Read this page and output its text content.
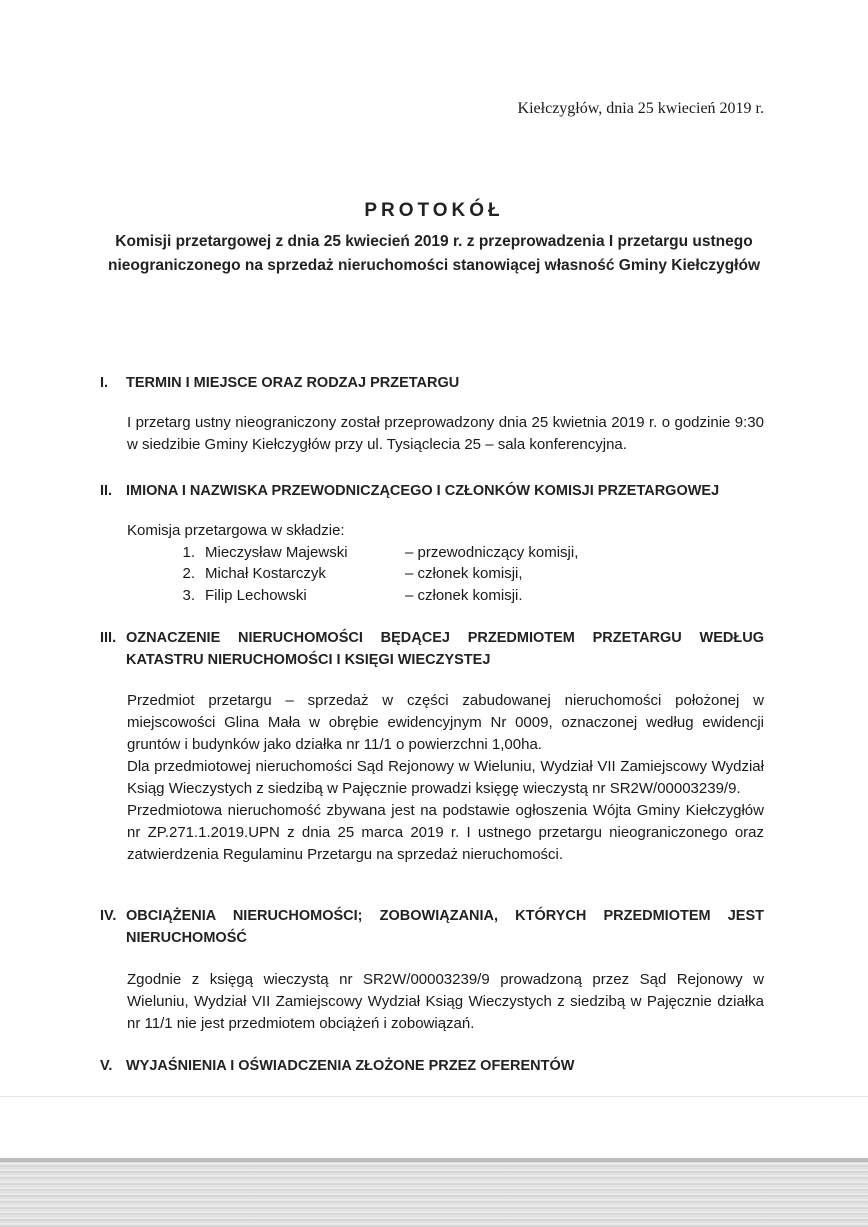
Kiełczygłów, dnia 25 kwiecień 2019 r.
PROTOKÓŁ
Komisji przetargowej z dnia 25 kwiecień 2019 r. z przeprowadzenia I przetargu ustnego nieograniczonego na sprzedaż nieruchomości stanowiącej własność Gminy Kiełczygłów
I.	TERMIN I MIEJSCE ORAZ RODZAJ PRZETARGU

I przetarg ustny nieograniczony został przeprowadzony dnia 25 kwietnia 2019 r. o godzinie 9:30 w siedzibie Gminy Kiełczygłów przy ul. Tysiąclecia 25 – sala konferencyjna.

II. IMIONA I NAZWISKA PRZEWODNICZĄCEGO I CZŁONKÓW KOMISJI PRZETARGOWEJ
Komisja przetargowa w składzie:
1. Mieczysław Majewski	– przewodniczący komisji,
2. Michał Kostarczyk	– członek komisji,
3. Filip Lechowski	– członek komisji.
III. OZNACZENIE NIERUCHOMOŚCI BĘDĄCEJ PRZEDMIOTEM PRZETARGU WEDŁUG KATASTRU NIERUCHOMOŚCI I KSIĘGI WIECZYSTEJ

Przedmiot przetargu – sprzedaż w części zabudowanej nieruchomości położonej w miejscowości Glina Mała w obrębie ewidencyjnym Nr 0009, oznaczonej według ewidencji gruntów i budynków jako działka nr 11/1 o powierzchni 1,00ha.

Dla przedmiotowej nieruchomości Sąd Rejonowy w Wieluniu, Wydział VII Zamiejscowy Wydział Ksiąg Wieczystych z siedzibą w Pajęcznie prowadzi księgę wieczystą nr SR2W/00003239/9.

Przedmiotowa nieruchomość zbywana jest na podstawie ogłoszenia Wójta Gminy Kiełczygłów nr ZP.271.1.2019.UPN z dnia 25 marca 2019 r. I ustnego przetargu nieograniczonego oraz zatwierdzenia Regulaminu Przetargu na sprzedaż nieruchomości.

IV. OBCIĄŻENIA NIERUCHOMOŚCI; ZOBOWIĄZANIA, KTÓRYCH PRZEDMIOTEM JEST NIERUCHOMOŚĆ

Zgodnie z księgą wieczystą nr SR2W/00003239/9 prowadzoną przez Sąd Rejonowy w Wieluniu, Wydział VII Zamiejscowy Wydział Ksiąg Wieczystych z siedzibą w Pajęcznie działka nr 11/1 nie jest przedmiotem obciążeń i zobowiązań.

V. WYJAŚNIENIA I OŚWIADCZENIA ZŁOŻONE PRZEZ OFERENTÓW
